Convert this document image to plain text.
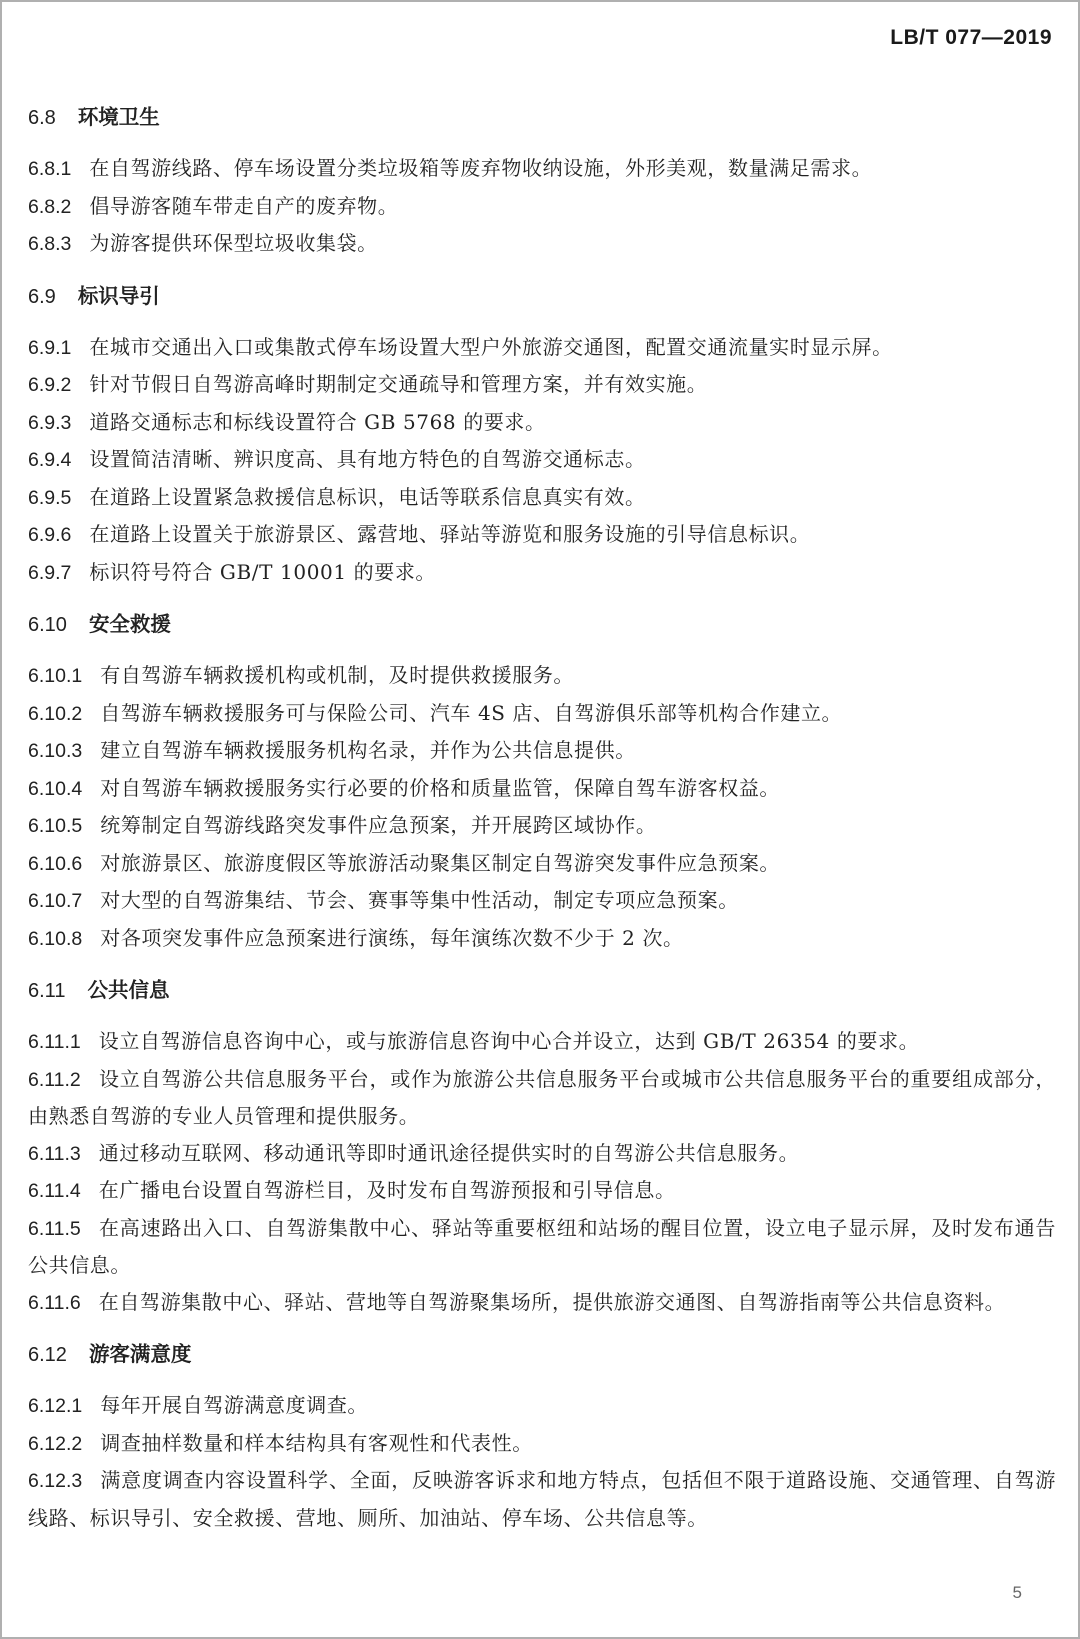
LB/T 077—2019
6.8 环境卫生
6.8.1 在自驾游线路、停车场设置分类垃圾箱等废弃物收纳设施，外形美观，数量满足需求。
6.8.2 倡导游客随车带走自产的废弃物。
6.8.3 为游客提供环保型垃圾收集袋。
6.9 标识导引
6.9.1 在城市交通出入口或集散式停车场设置大型户外旅游交通图，配置交通流量实时显示屏。
6.9.2 针对节假日自驾游高峰时期制定交通疏导和管理方案，并有效实施。
6.9.3 道路交通标志和标线设置符合 GB 5768 的要求。
6.9.4 设置简洁清晰、辨识度高、具有地方特色的自驾游交通标志。
6.9.5 在道路上设置紧急救援信息标识，电话等联系信息真实有效。
6.9.6 在道路上设置关于旅游景区、露营地、驿站等游览和服务设施的引导信息标识。
6.9.7 标识符号符合 GB/T 10001 的要求。
6.10 安全救援
6.10.1 有自驾游车辆救援机构或机制，及时提供救援服务。
6.10.2 自驾游车辆救援服务可与保险公司、汽车 4S 店、自驾游俱乐部等机构合作建立。
6.10.3 建立自驾游车辆救援服务机构名录，并作为公共信息提供。
6.10.4 对自驾游车辆救援服务实行必要的价格和质量监管，保障自驾车游客权益。
6.10.5 统筹制定自驾游线路突发事件应急预案，并开展跨区域协作。
6.10.6 对旅游景区、旅游度假区等旅游活动聚集区制定自驾游突发事件应急预案。
6.10.7 对大型的自驾游集结、节会、赛事等集中性活动，制定专项应急预案。
6.10.8 对各项突发事件应急预案进行演练，每年演练次数不少于 2 次。
6.11 公共信息
6.11.1 设立自驾游信息咨询中心，或与旅游信息咨询中心合并设立，达到 GB/T 26354 的要求。
6.11.2 设立自驾游公共信息服务平台，或作为旅游公共信息服务平台或城市公共信息服务平台的重要组成部分，由熟悉自驾游的专业人员管理和提供服务。
6.11.3 通过移动互联网、移动通讯等即时通讯途径提供实时的自驾游公共信息服务。
6.11.4 在广播电台设置自驾游栏目，及时发布自驾游预报和引导信息。
6.11.5 在高速路出入口、自驾游集散中心、驿站等重要枢纽和站场的醒目位置，设立电子显示屏，及时发布通告公共信息。
6.11.6 在自驾游集散中心、驿站、营地等自驾游聚集场所，提供旅游交通图、自驾游指南等公共信息资料。
6.12 游客满意度
6.12.1 每年开展自驾游满意度调查。
6.12.2 调查抽样数量和样本结构具有客观性和代表性。
6.12.3 满意度调查内容设置科学、全面，反映游客诉求和地方特点，包括但不限于道路设施、交通管理、自驾游线路、标识导引、安全救援、营地、厕所、加油站、停车场、公共信息等。
5
